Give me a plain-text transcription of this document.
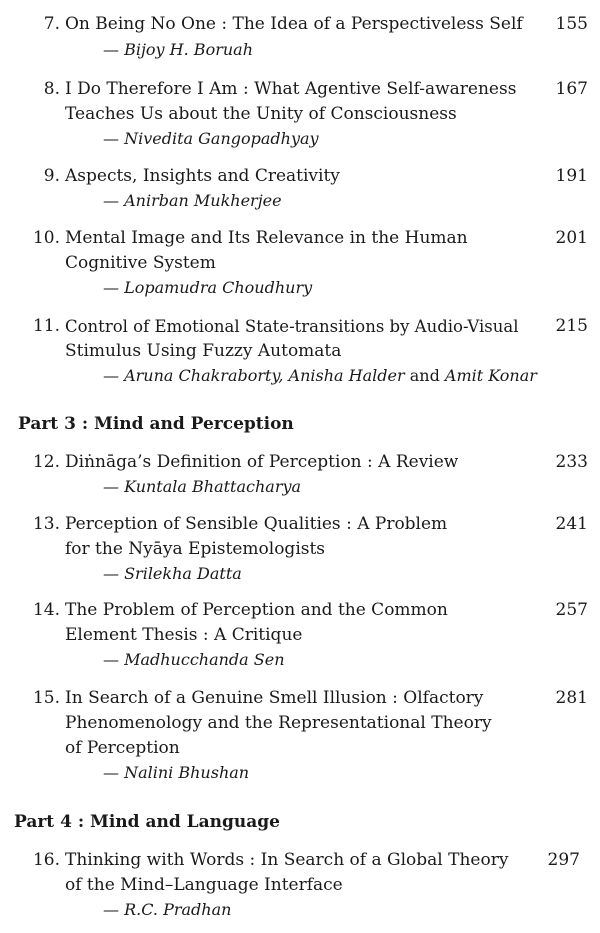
7. On Being No One : The Idea of a Perspectiveless Self
— Bijoy H. Boruah
155
8. I Do Therefore I Am : What Agentive Self-awareness
Teaches Us about the Unity of Consciousness
— Nivedita Gangopadhyay
167
9. Aspects, Insights and Creativity
— Anirban Mukherjee
191
10. Mental Image and Its Relevance in the Human
Cognitive System
— Lopamudra Choudhury
201
11. Control of Emotional State-transitions by Audio-Visual
Stimulus Using Fuzzy Automata
— Aruna Chakraborty, Anisha Halder and Amit Konar
215
Part 3 : Mind and Perception
12. Diṅnāga’s Definition of Perception : A Review
— Kuntala Bhattacharya
233
13. Perception of Sensible Qualities : A Problem
for the Nyāya Epistemologists
— Srilekha Datta
241
14. The Problem of Perception and the Common
Element Thesis : A Critique
— Madhucchanda Sen
257
15. In Search of a Genuine Smell Illusion : Olfactory
Phenomenology and the Representational Theory
of Perception
— Nalini Bhushan
281
Part 4 : Mind and Language
16. Thinking with Words : In Search of a Global Theory
of the Mind–Language Interface
— R.C. Pradhan
297
